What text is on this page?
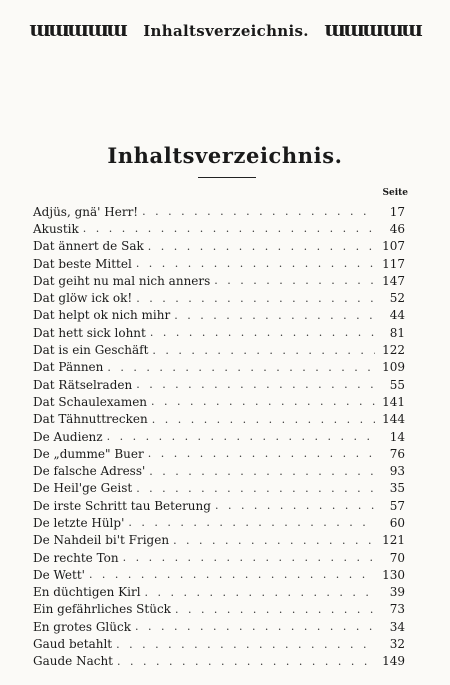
Ɯ
Ɯ
Ɯ
Ɯ
Ɯ Inhaltsverzeichnis. Ɯ
Ɯ
Ɯ
Ɯ
Ɯ
Inhaltsverzeichnis.
Seite
Adjüs, gnä' Herr! . . .	17
Akustik . . .	46
Dat ännert de Sak . . .	107
Dat beste Mittel . . .	117
Dat geiht nu mal nich anners . . .	147
Dat glöw ick ok! . . .	52
Dat helpt ok nich mihr . . .	44
Dat hett sick lohnt . . .	81
Dat is ein Geschäft . . .	122
Dat Pännen . . .	109
Dat Rätselraden . . .	55
Dat Schaulexamen . . .	141
Dat Tähnuttrecken . . .	144
De Audienz . . .	14
De „dumme" Buer . . .	76
De falsche Adress' . . .	93
De Heil'ge Geist . . .	35
De irste Schritt tau Beterung . . .	57
De letzte Hülp' . . .	60
De Nahdeil bi't Frigen . . .	121
De rechte Ton . . .	70
De Wett' . . .	130
En düchtigen Kirl . . .	39
Ein gefährliches Stück . . .	73
En grotes Glück . . .	34
Gaud betahlt . . .	32
Gaude Nacht . . .	149
